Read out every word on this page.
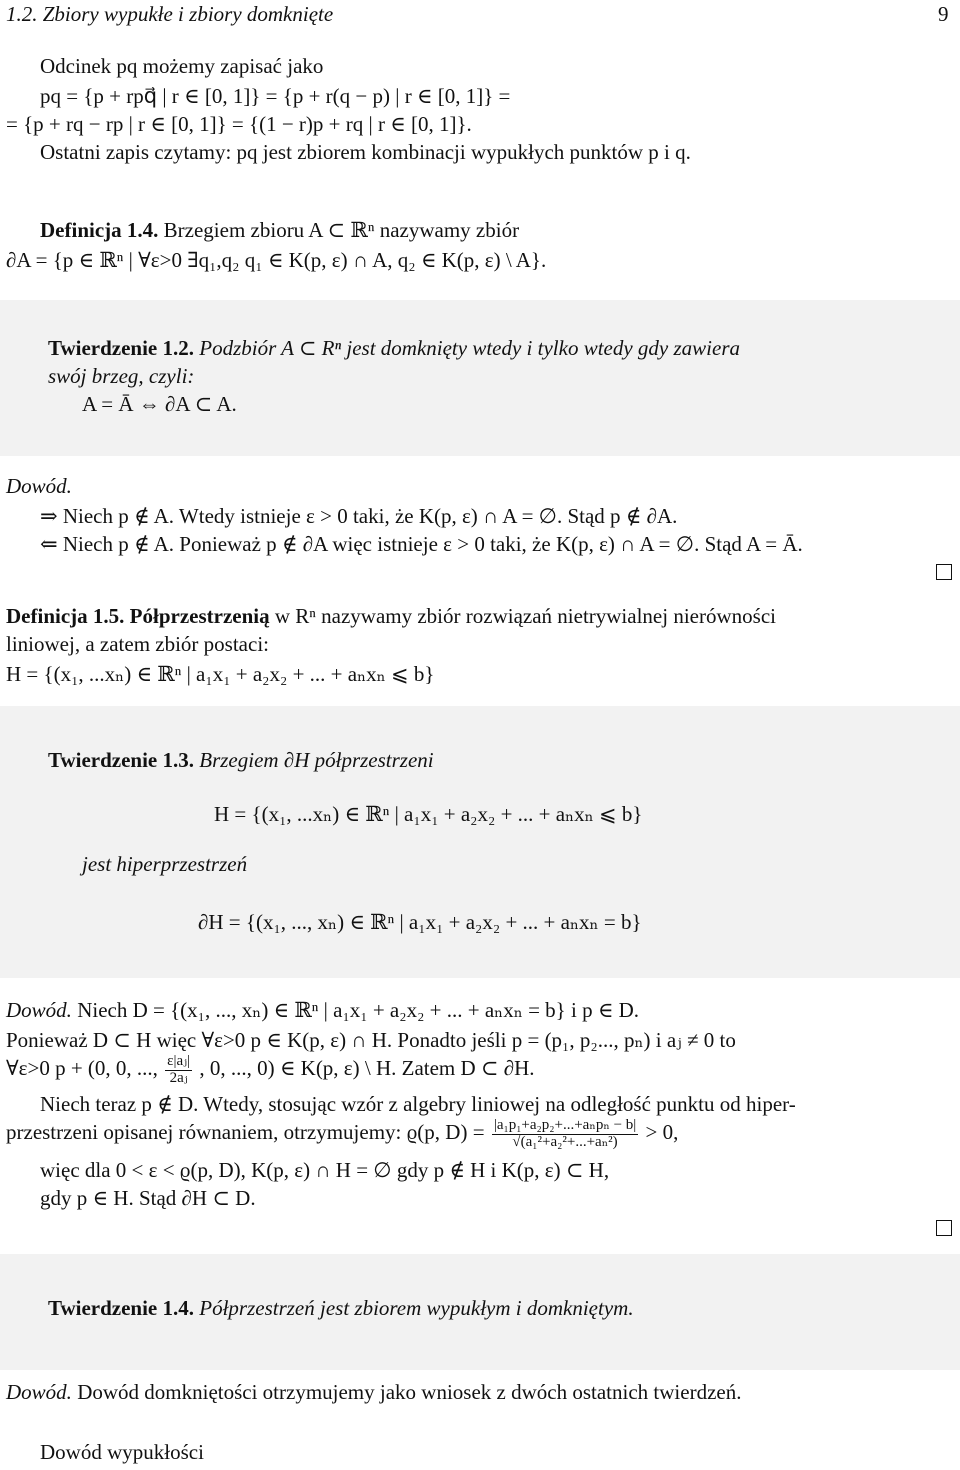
1.2. Zbiory wypukłe i zbiory domknięte	9
Odcinek pq możemy zapisać jako
pq = {p + rpq⃗ | r ∈ [0, 1]} = {p + r(q − p) | r ∈ [0, 1]} =
= {p + rq − rp | r ∈ [0, 1]} = {(1 − r)p + rq | r ∈ [0, 1]}.
Ostatni zapis czytamy: pq jest zbiorem kombinacji wypukłych punktów p i q.
Definicja 1.4. Brzegiem zbioru A ⊂ ℝⁿ nazywamy zbiór
∂A = {p ∈ ℝⁿ | ∀ε>0 ∃q₁,q₂ q₁ ∈ K(p, ε) ∩ A, q₂ ∈ K(p, ε) \ A}.
Twierdzenie 1.2. Podzbiór A ⊂ Rⁿ jest domknięty wtedy i tylko wtedy gdy zawiera
swój brzeg, czyli:
A = Ā ⇔ ∂A ⊂ A.
Dowód.
⇒ Niech p ∉ A. Wtedy istnieje ε > 0 taki, że K(p, ε) ∩ A = ∅. Stąd p ∉ ∂A.
⇐ Niech p ∉ A. Ponieważ p ∉ ∂A więc istnieje ε > 0 taki, że K(p, ε) ∩ A = ∅. Stąd A = Ā.
Definicja 1.5. Półprzestrzenią w Rⁿ nazywamy zbiór rozwiązań nietrywialnej nierówności
liniowej, a zatem zbiór postaci:
H = {(x₁, ...xₙ) ∈ ℝⁿ | a₁x₁ + a₂x₂ + ... + aₙxₙ ⩽ b}
Twierdzenie 1.3. Brzegiem ∂H półprzestrzeni
H = {(x₁, ...xₙ) ∈ ℝⁿ | a₁x₁ + a₂x₂ + ... + aₙxₙ ⩽ b}
jest hiperprzestrzeń
∂H = {(x₁, ..., xₙ) ∈ ℝⁿ | a₁x₁ + a₂x₂ + ... + aₙxₙ = b}
Dowód. Niech D = {(x₁, ..., xₙ) ∈ ℝⁿ | a₁x₁ + a₂x₂ + ... + aₙxₙ = b} i p ∈ D.
Ponieważ D ⊂ H więc ∀ε>0 p ∈ K(p, ε) ∩ H. Ponadto jeśli p = (p₁, p₂..., pₙ) i aⱼ ≠ 0 to
∀ε>0 p + (0, 0, ..., $\frac{\text{ε|aⱼ|}}{\text{2aⱼ}}$ , 0, ..., 0) ∈ K(p, ε) \ H. Zatem D ⊂ ∂H.
Niech teraz p ∉ D. Wtedy, stosując wzór z algebry liniowej na odległość punktu od hiper-
przestrzeni opisanej równaniem, otrzymujemy: ϱ(p, $D) = \frac{\text{|a₁p₁+a₂p₂+...+aₙpₙ − b|}}{\text{√(a₁²+a₂²+...+aₙ²)}} > 0$,
więc dla 0 < ε < ϱ(p, D), K(p, ε) ∩ H = ∅ gdy p ∉ H i K(p, ε) ⊂ H,
gdy p ∈ H. Stąd ∂H ⊂ D.
Twierdzenie 1.4. Półprzestrzeń jest zbiorem wypukłym i domkniętym.
Dowód. Dowód domkniętości otrzymujemy jako wniosek z dwóch ostatnich twierdzeń.
Dowód wypukłości
